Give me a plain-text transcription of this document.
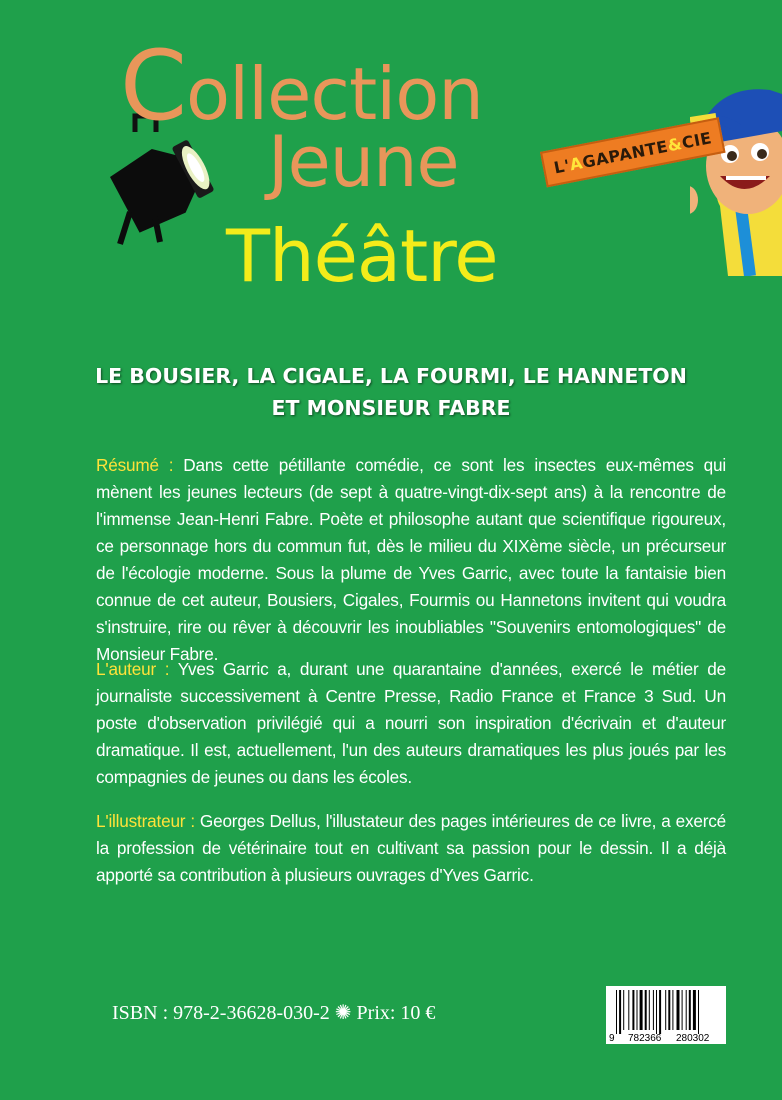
Collection
Jeune
Théâtre
L'AGAPANTE&CIE
LE BOUSIER, LA CIGALE, LA FOURMI, LE HANNETON
ET MONSIEUR FABRE
Résumé : Dans cette pétillante comédie, ce sont les insectes eux-mêmes qui mènent les jeunes lecteurs (de sept à quatre-vingt-dix-sept ans) à la rencontre de l'immense Jean-Henri Fabre. Poète et philosophe autant que scientifique rigoureux, ce personnage hors du commun fut, dès le milieu du XIXème siècle, un précurseur de l'écologie moderne. Sous la plume de Yves Garric, avec toute la fantaisie bien connue de cet auteur, Bousiers, Cigales, Fourmis ou Hannetons invitent qui voudra s'instruire, rire ou rêver à découvrir les inoubliables "Souvenirs entomologiques" de Monsieur Fabre.
L'auteur : Yves Garric a, durant une quarantaine d'années, exercé le métier de journaliste successivement à Centre Presse, Radio France et France 3 Sud. Un poste d'observation privilégié qui a nourri son inspiration d'écrivain et d'auteur dramatique. Il est, actuellement, l'un des auteurs dramatiques les plus joués par les compagnies de jeunes ou dans les écoles.
L'illustrateur : Georges Dellus, l'illustateur des pages intérieures de ce livre, a exercé la profession de vétérinaire tout en cultivant sa passion pour le dessin. Il a déjà apporté sa contribution à plusieurs ouvrages d'Yves Garric.
ISBN : 978-2-36628-030-2 ✺ Prix: 10 €
9 782366 280302
